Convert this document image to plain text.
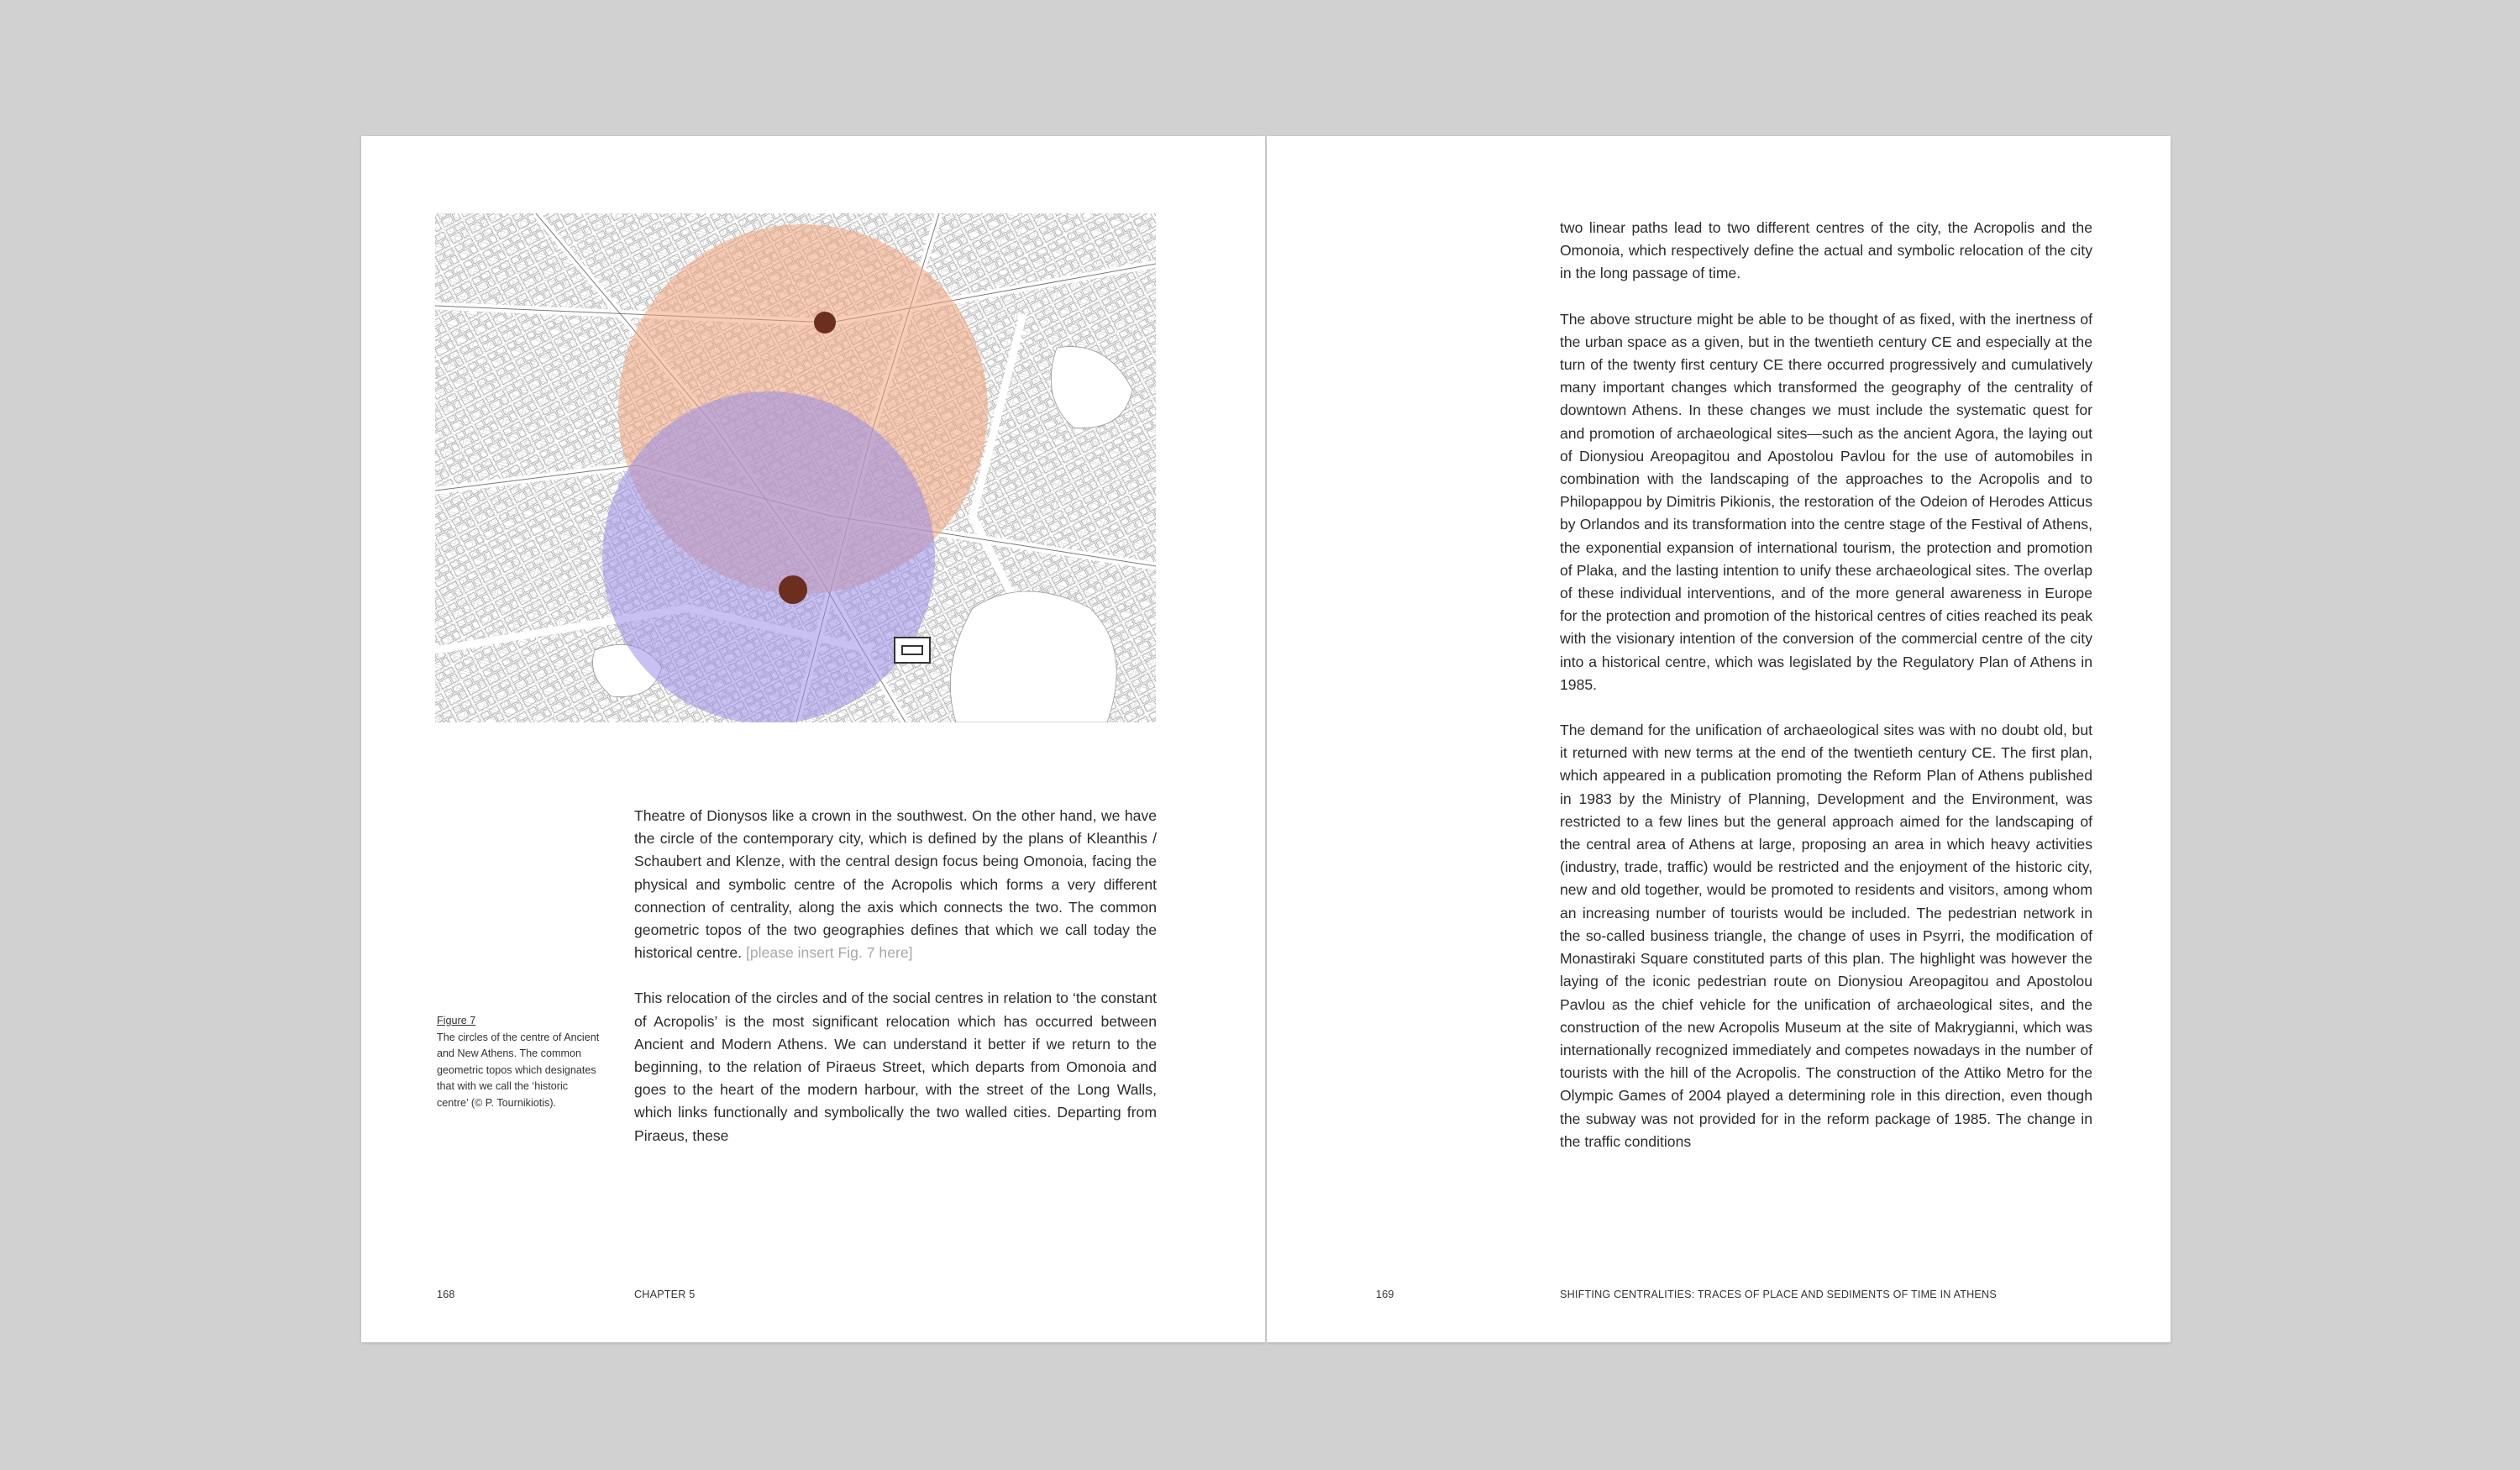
Figure 7
The circles of the centre of Ancient and New Athens. The common geometric topos which designates that with we call the ‘historic centre’ (© P. Tournikiotis).

Theatre of Dionysos like a crown in the southwest. On the other hand, we have the circle of the contemporary city, which is defined by the plans of Kleanthis / Schaubert and Klenze, with the central design focus being Omonoia, facing the physical and symbolic centre of the Acropolis which forms a very different connection of centrality, along the axis which connects the two. The common geometric topos of the two geographies defines that which we call today the historical centre. [please insert Fig. 7 here]

This relocation of the circles and of the social centres in relation to ‘the constant of Acropolis’ is the most significant relocation which has occurred between Ancient and Modern Athens. We can understand it better if we return to the beginning, to the relation of Piraeus Street, which departs from Omonoia and goes to the heart of the modern harbour, with the street of the Long Walls, which links functionally and symbolically the two walled cities. Departing from Piraeus, these

168	CHAPTER 5

two linear paths lead to two different centres of the city, the Acropolis and the Omonoia, which respectively define the actual and symbolic relocation of the city in the long passage of time.

The above structure might be able to be thought of as fixed, with the inertness of the urban space as a given, but in the twentieth century CE and especially at the turn of the twenty first century CE there occurred progressively and cumulatively many important changes which transformed the geography of the centrality of downtown Athens. In these changes we must include the systematic quest for and promotion of archaeological sites—such as the ancient Agora, the laying out of Dionysiou Areopagitou and Apostolou Pavlou for the use of automobiles in combination with the landscaping of the approaches to the Acropolis and to Philopappou by Dimitris Pikionis, the restoration of the Odeion of Herodes Atticus by Orlandos and its transformation into the centre stage of the Festival of Athens, the exponential expansion of international tourism, the protection and promotion of Plaka, and the lasting intention to unify these archaeological sites. The overlap of these individual interventions, and of the more general awareness in Europe for the protection and promotion of the historical centres of cities reached its peak with the visionary intention of the conversion of the commercial centre of the city into a historical centre, which was legislated by the Regulatory Plan of Athens in 1985.

The demand for the unification of archaeological sites was with no doubt old, but it returned with new terms at the end of the twentieth century CE. The first plan, which appeared in a publication promoting the Reform Plan of Athens published in 1983 by the Ministry of Planning, Development and the Environment, was restricted to a few lines but the general approach aimed for the landscaping of the central area of Athens at large, proposing an area in which heavy activities (industry, trade, traffic) would be restricted and the enjoyment of the historic city, new and old together, would be promoted to residents and visitors, among whom an increasing number of tourists would be included. The pedestrian network in the so-called business triangle, the change of uses in Psyrri, the modification of Monastiraki Square constituted parts of this plan. The highlight was however the laying of the iconic pedestrian route on Dionysiou Areopagitou and Apostolou Pavlou as the chief vehicle for the unification of archaeological sites, and the construction of the new Acropolis Museum at the site of Makrygianni, which was internationally recognized immediately and competes nowadays in the number of tourists with the hill of the Acropolis. The construction of the Attiko Metro for the Olympic Games of 2004 played a determining role in this direction, even though the subway was not provided for in the reform package of 1985. The change in the traffic conditions

169	SHIFTING CENTRALITIES: TRACES OF PLACE AND SEDIMENTS OF TIME IN ATHENS
